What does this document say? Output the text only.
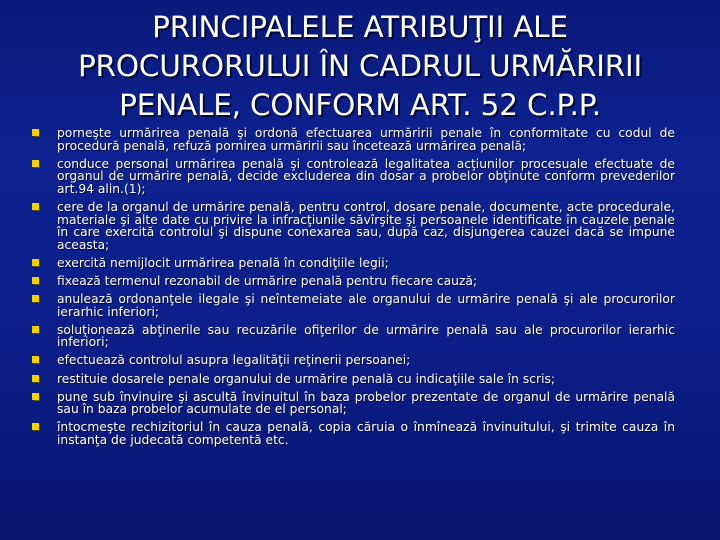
PRINCIPALELE ATRIBUŢII ALE
PROCURORULUI ÎN CADRUL URMĂRIRII
PENALE, CONFORM ART. 52 C.P.P.
porneşte urmărirea penală şi ordonă efectuarea urmăririi penale în conformitate cu codul de procedură penală, refuză pornirea urmăririi sau încetează urmărirea penală;
conduce personal urmărirea penală şi controlează legalitatea acţiunilor procesuale efectuate de organul de urmărire penală, decide excluderea din dosar a probelor obţinute conform prevederilor art.94 alin.(1);
cere de la organul de urmărire penală, pentru control, dosare penale, documente, acte procedurale, materiale şi alte date cu privire la infracţiunile săvîrşite şi persoanele identificate în cauzele penale în care exercită controlul şi dispune conexarea sau, după caz, disjungerea cauzei dacă se impune aceasta;
exercită nemijlocit urmărirea penală în condiţiile legii;
fixează termenul rezonabil de urmărire penală pentru fiecare cauză;
anulează ordonanţele ilegale şi neîntemeiate ale organului de urmărire penală şi ale procurorilor ierarhic inferiori;
soluţionează abţinerile sau recuzările ofiţerilor de urmărire penală sau ale procurorilor ierarhic inferiori;
efectuează controlul asupra legalităţii reţinerii persoanei;
restituie dosarele penale organului de urmărire penală cu indicaţiile sale în scris;
pune sub învinuire şi ascultă învinuitul în baza probelor prezentate de organul de urmărire penală sau în baza probelor acumulate de el personal;
întocmeşte rechizitoriul în cauza penală, copia căruia o înmînează învinuitului, şi trimite cauza în instanţa de judecată competentă etc.
